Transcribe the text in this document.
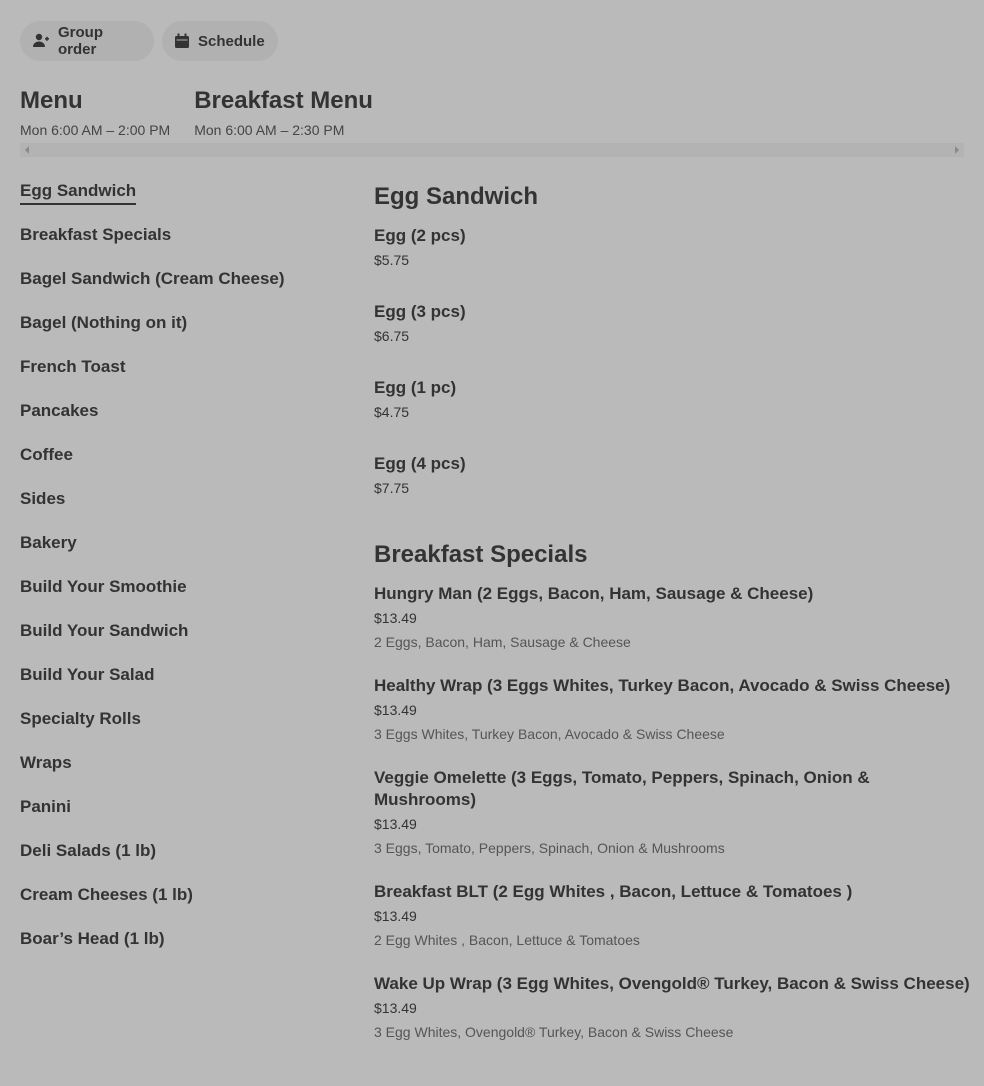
Group order	Schedule
Menu
Mon 6:00 AM – 2:00 PM
Breakfast Menu
Mon 6:00 AM – 2:30 PM
Egg Sandwich
Breakfast Specials
Bagel Sandwich (Cream Cheese)
Bagel (Nothing on it)
French Toast
Pancakes
Coffee
Sides
Bakery
Build Your Smoothie
Build Your Sandwich
Build Your Salad
Specialty Rolls
Wraps
Panini
Deli Salads (1 lb)
Cream Cheeses (1 lb)
Boar’s Head (1 lb)
Egg Sandwich
Egg (2 pcs)
$5.75
Egg (3 pcs)
$6.75
Egg (1 pc)
$4.75
Egg (4 pcs)
$7.75
Breakfast Specials
Hungry Man (2 Eggs, Bacon, Ham, Sausage & Cheese)
$13.49
2 Eggs, Bacon, Ham, Sausage & Cheese
Healthy Wrap (3 Eggs Whites, Turkey Bacon, Avocado & Swiss Cheese)
$13.49
3 Eggs Whites, Turkey Bacon, Avocado & Swiss Cheese
Veggie Omelette (3 Eggs, Tomato, Peppers, Spinach, Onion & Mushrooms)
$13.49
3 Eggs, Tomato, Peppers, Spinach, Onion & Mushrooms
Breakfast BLT (2 Egg Whites , Bacon, Lettuce & Tomatoes )
$13.49
2 Egg Whites , Bacon, Lettuce & Tomatoes
Wake Up Wrap (3 Egg Whites, Ovengold® Turkey, Bacon & Swiss Cheese)
$13.49
3 Egg Whites, Ovengold® Turkey, Bacon & Swiss Cheese
